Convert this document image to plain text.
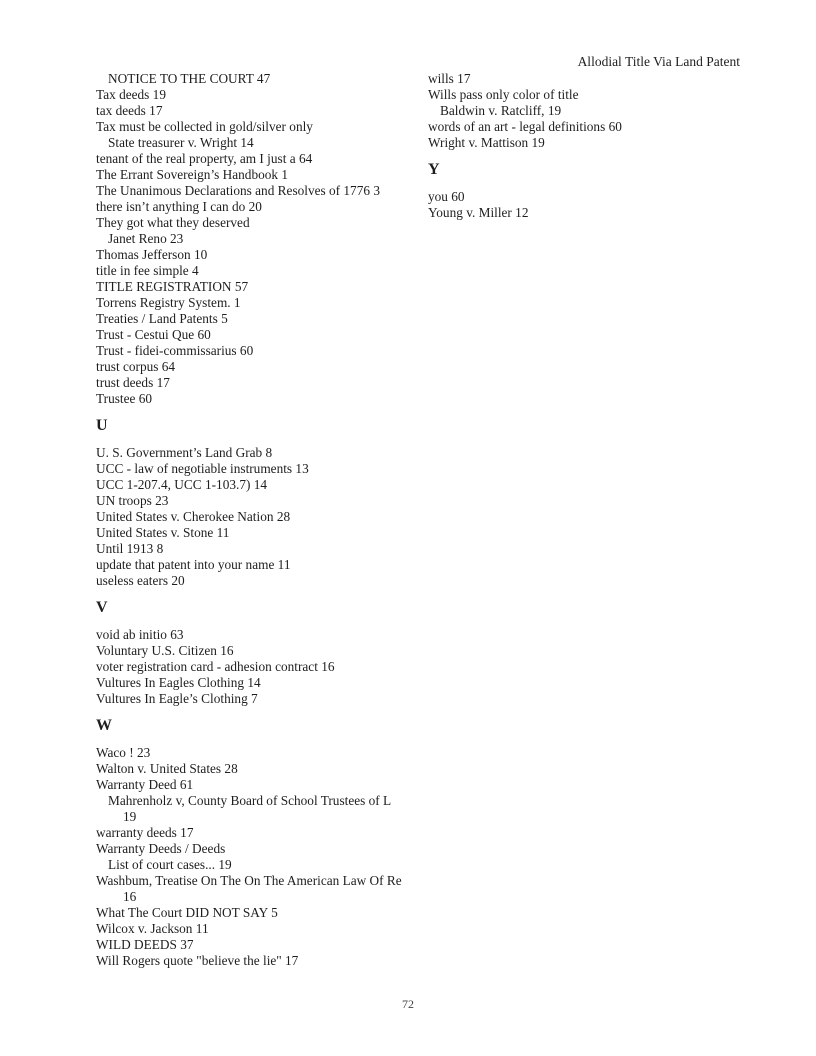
Allodial Title Via Land Patent
NOTICE TO THE COURT 47
Tax deeds 19
tax deeds 17
Tax must be collected in gold/silver only
State treasurer v. Wright 14
tenant of the real property, am I just a 64
The Errant Sovereign’s Handbook 1
The Unanimous Declarations and Resolves of 1776 3
there isn’t anything I can do 20
They got what they deserved
Janet Reno 23
Thomas Jefferson 10
title in fee simple 4
TITLE REGISTRATION 57
Torrens Registry System. 1
Treaties / Land Patents 5
Trust - Cestui Que 60
Trust - fidei-commissarius 60
trust corpus 64
trust deeds 17
Trustee 60
U
U. S. Government’s Land Grab 8
UCC - law of negotiable instruments 13
UCC 1-207.4, UCC 1-103.7) 14
UN troops 23
United States v. Cherokee Nation 28
United States v. Stone 11
Until 1913 8
update that patent into your name 11
useless eaters 20
V
void ab initio 63
Voluntary U.S. Citizen 16
voter registration card - adhesion contract 16
Vultures In Eagles Clothing 14
Vultures In Eagle’s Clothing 7
W
Waco ! 23
Walton v. United States 28
Warranty Deed 61
Mahrenholz v, County Board of School Trustees of L
19
warranty deeds 17
Warranty Deeds / Deeds
List of court cases... 19
Washbum, Treatise On The On The American Law Of Re
16
What The Court DID NOT SAY 5
Wilcox v. Jackson 11
WILD DEEDS 37
Will Rogers quote "believe the lie" 17
wills 17
Wills pass only color of title
Baldwin v. Ratcliff, 19
words of an art - legal definitions 60
Wright v. Mattison 19
Y
you 60
Young v. Miller 12
72
